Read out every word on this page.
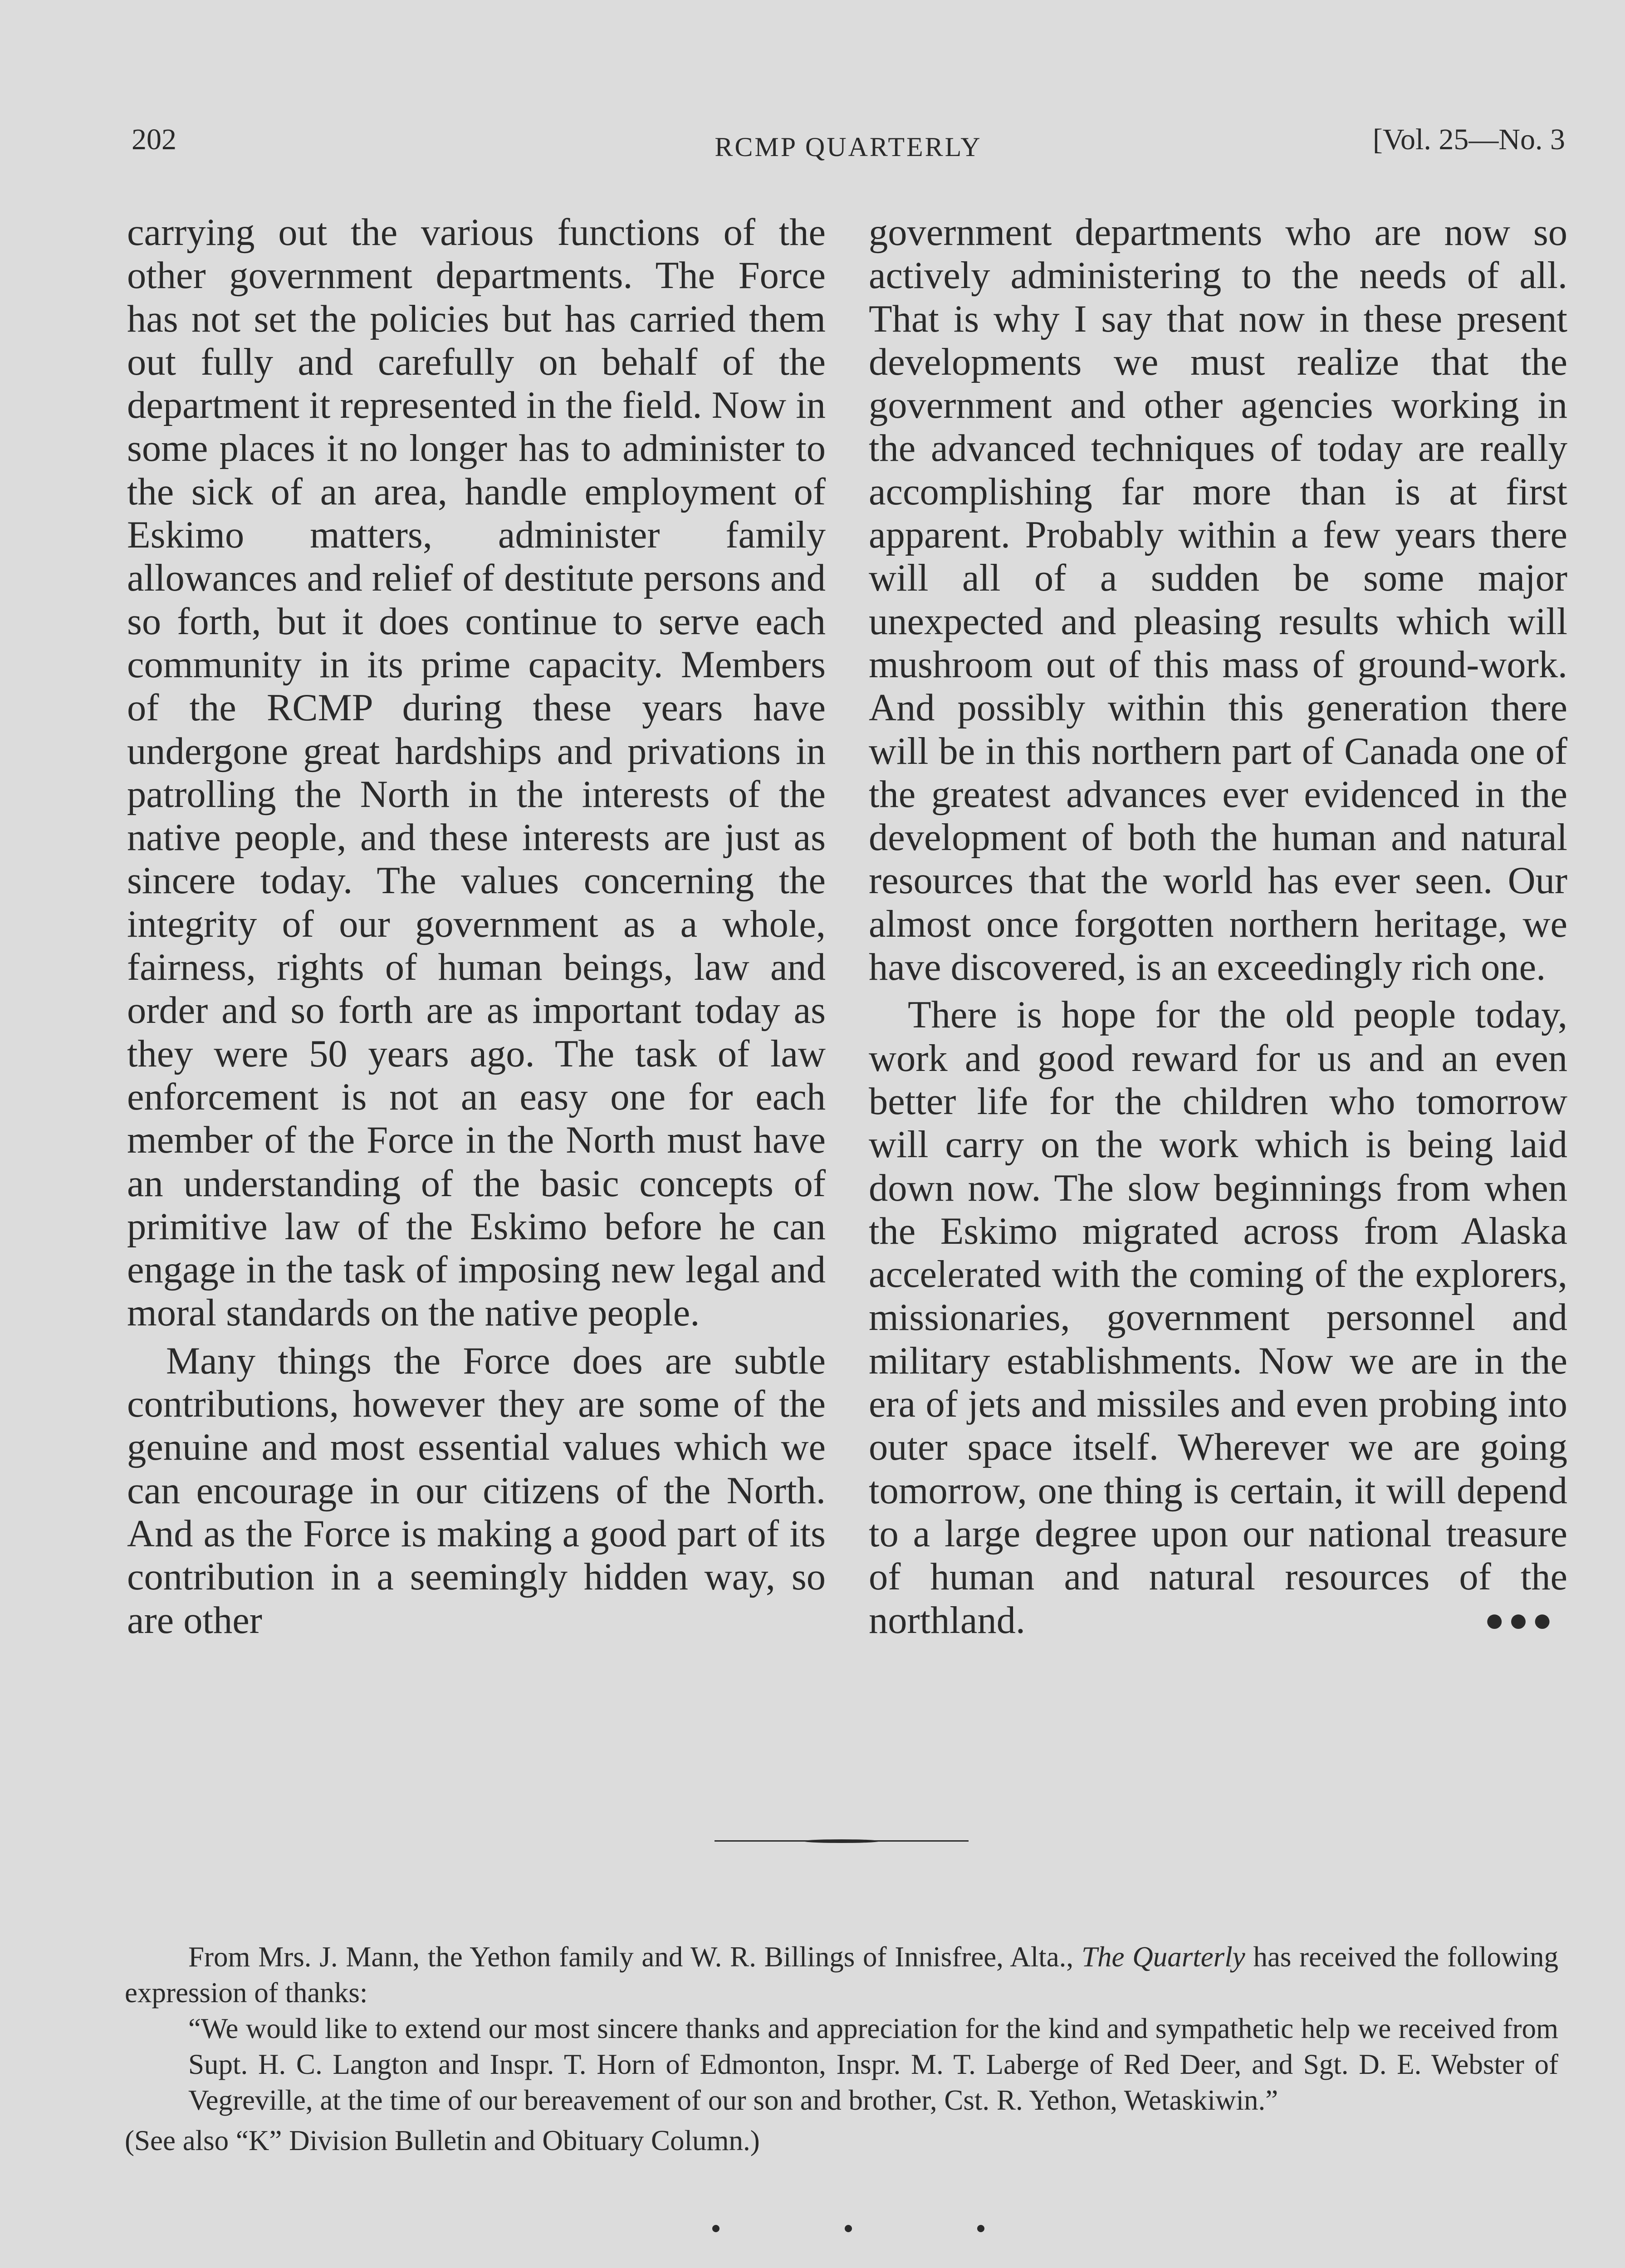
202	RCMP QUARTERLY	[Vol. 25—No. 3

carrying out the various functions of the other government departments. The Force has not set the policies but has carried them out fully and carefully on behalf of the department it represented in the field. Now in some places it no longer has to administer to the sick of an area, handle employment of Eskimo matters, administer family allowances and relief of destitute persons and so forth, but it does continue to serve each community in its prime capacity. Members of the RCMP during these years have undergone great hardships and privations in patrolling the North in the interests of the native people, and these interests are just as sincere today. The values concerning the integrity of our government as a whole, fairness, rights of human beings, law and order and so forth are as important today as they were 50 years ago. The task of law enforcement is not an easy one for each member of the Force in the North must have an understanding of the basic concepts of primitive law of the Eskimo before he can engage in the task of imposing new legal and moral standards on the native people.

Many things the Force does are subtle contributions, however they are some of the genuine and most essential values which we can encourage in our citizens of the North. And as the Force is making a good part of its contribution in a seemingly hidden way, so are other

government departments who are now so actively administering to the needs of all. That is why I say that now in these present developments we must realize that the government and other agencies working in the advanced techniques of today are really accomplishing far more than is at first apparent. Probably within a few years there will all of a sudden be some major unexpected and pleasing results which will mushroom out of this mass of ground-work. And possibly within this generation there will be in this northern part of Canada one of the greatest advances ever evidenced in the development of both the human and natural resources that the world has ever seen. Our almost once forgotten northern heritage, we have discovered, is an exceedingly rich one.

There is hope for the old people today, work and good reward for us and an even better life for the children who tomorrow will carry on the work which is being laid down now. The slow beginnings from when the Eskimo migrated across from Alaska accelerated with the coming of the explorers, missionaries, government personnel and military establishments. Now we are in the era of jets and missiles and even probing into outer space itself. Wherever we are going tomorrow, one thing is certain, it will depend to a large degree upon our national treasure of human and natural resources of the northland.	●●●

From Mrs. J. Mann, the Yethon family and W. R. Billings of Innisfree, Alta., The Quarterly has received the following expression of thanks:

“We would like to extend our most sincere thanks and appreciation for the kind and sympathetic help we received from Supt. H. C. Langton and Inspr. T. Horn of Edmonton, Inspr. M. T. Laberge of Red Deer, and Sgt. D. E. Webster of Vegreville, at the time of our bereavement of our son and brother, Cst. R. Yethon, Wetaskiwin.”

(See also “K” Division Bulletin and Obituary Column.)
